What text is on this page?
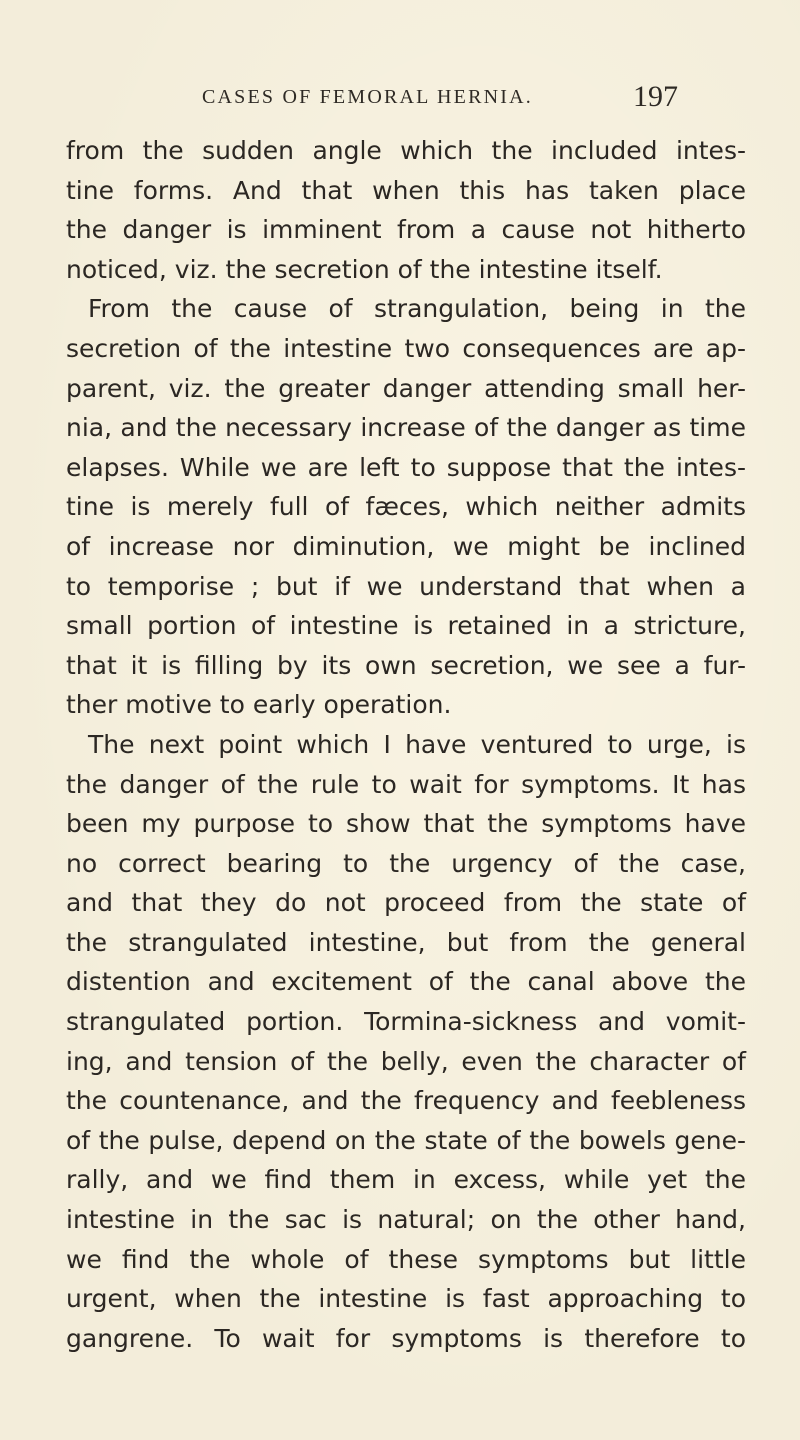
CASES OF FEMORAL HERNIA.	197
from the sudden angle which the included intes-
tine forms. And that when this has taken place
the danger is imminent from a cause not hitherto
noticed, viz. the secretion of the intestine itself.
From the cause of strangulation, being in the
secretion of the intestine two consequences are ap-
parent, viz. the greater danger attending small her-
nia, and the necessary increase of the danger as time
elapses. While we are left to suppose that the intes-
tine is merely full of fæces, which neither admits
of increase nor diminution, we might be inclined
to temporise ; but if we understand that when a
small portion of intestine is retained in a stricture,
that it is filling by its own secretion, we see a fur-
ther motive to early operation.
The next point which I have ventured to urge, is
the danger of the rule to wait for symptoms. It has
been my purpose to show that the symptoms have
no correct bearing to the urgency of the case,
and that they do not proceed from the state of
the strangulated intestine, but from the general
distention and excitement of the canal above the
strangulated portion. Tormina-sickness and vomit-
ing, and tension of the belly, even the character of
the countenance, and the frequency and feebleness
of the pulse, depend on the state of the bowels gene-
rally, and we find them in excess, while yet the
intestine in the sac is natural; on the other hand,
we find the whole of these symptoms but little
urgent, when the intestine is fast approaching to
gangrene. To wait for symptoms is therefore to
